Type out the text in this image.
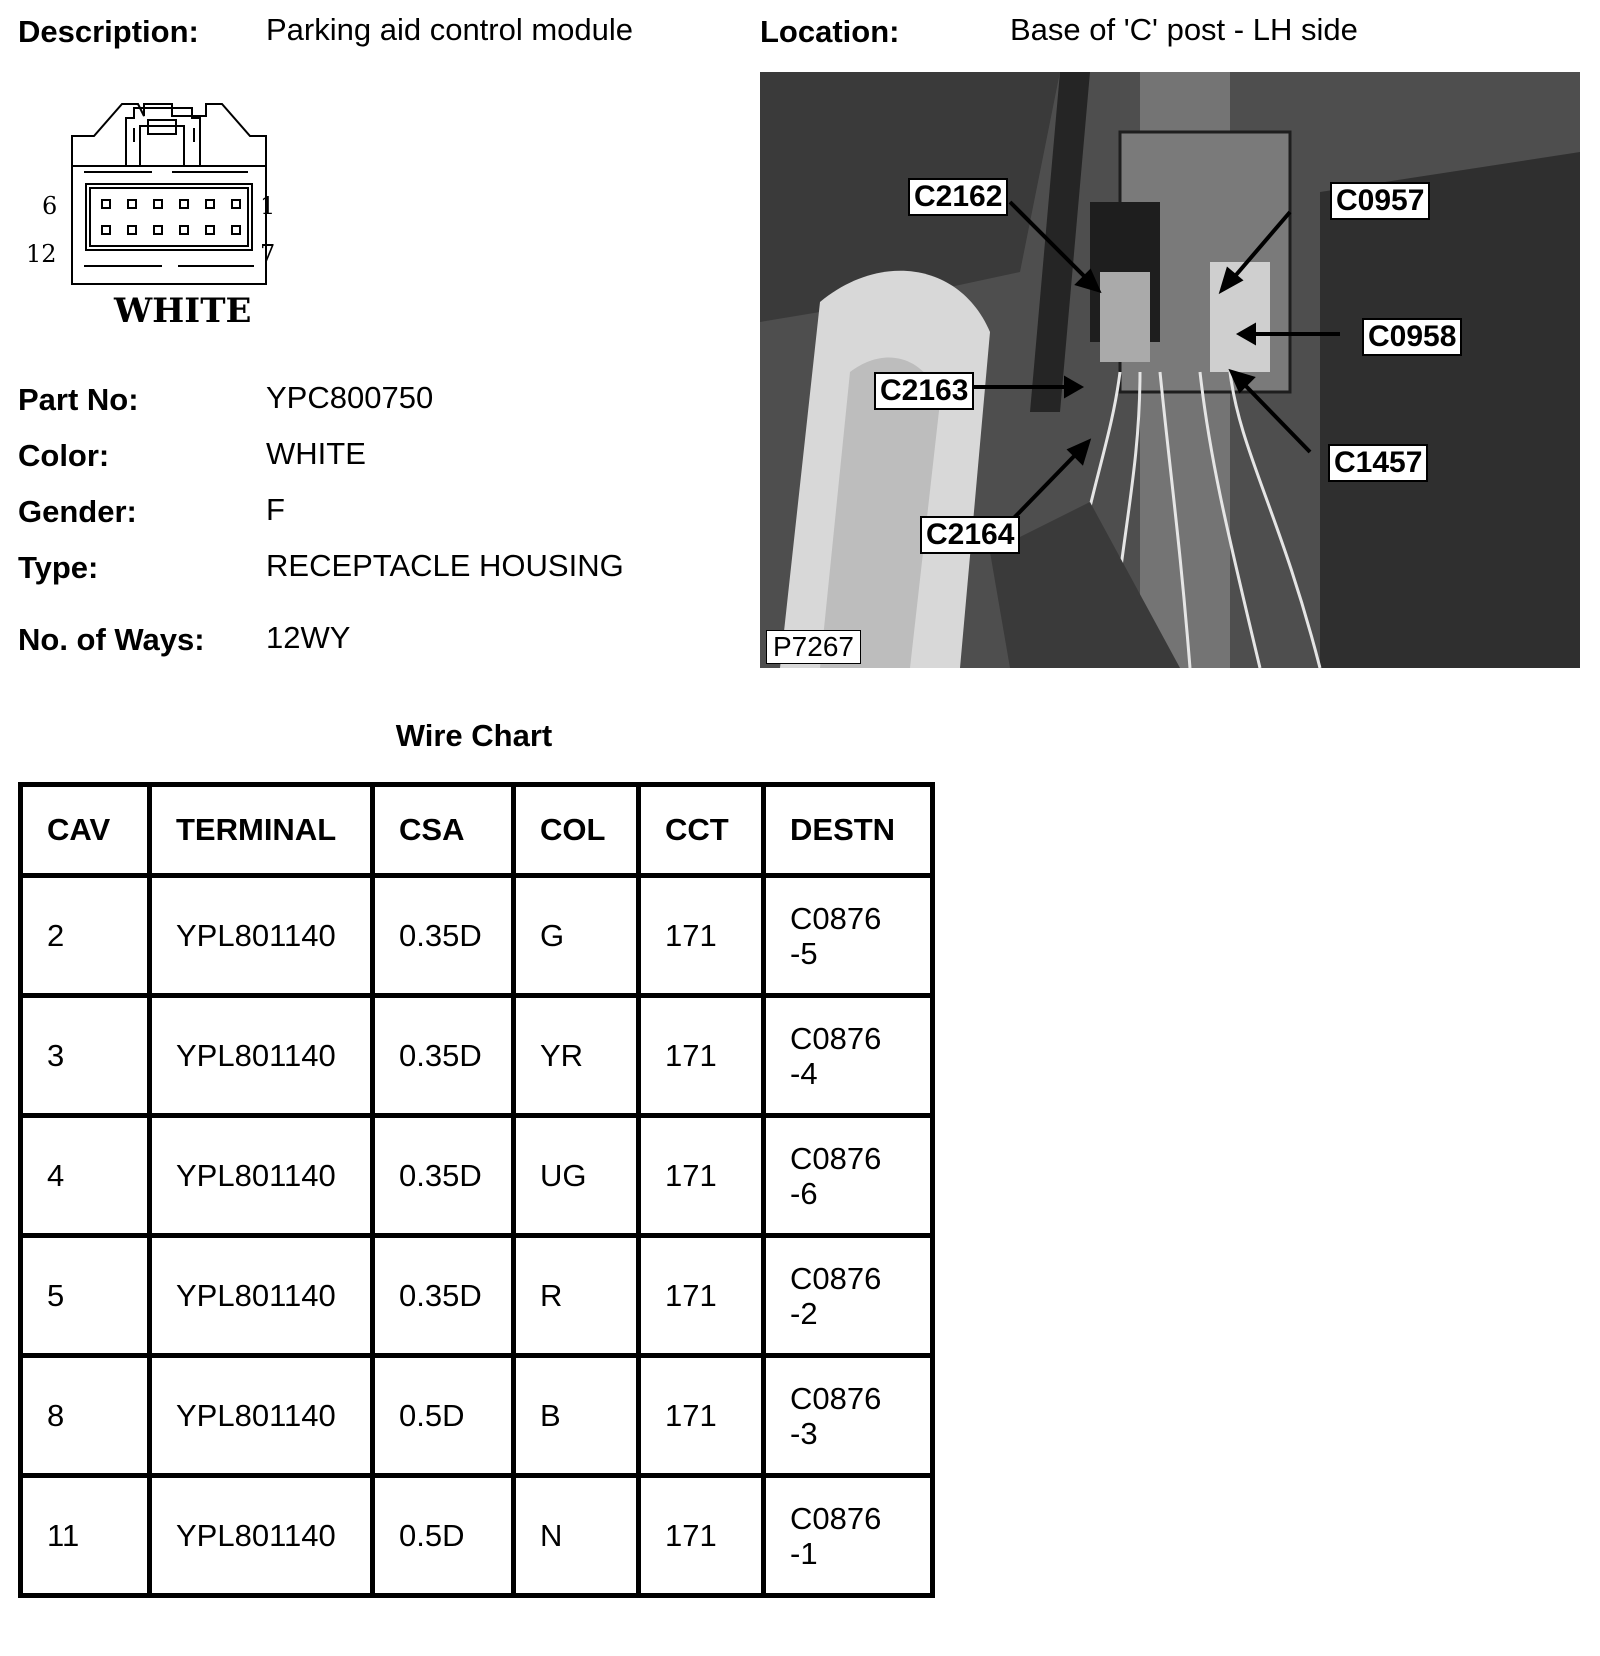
Description: Parking aid control module	Location:	Base of 'C' post - LH side
6	1
12	7
WHITE
Part No:	YPC800750
Color:	WHITE
Gender:	F
Type:	RECEPTACLE HOUSING
No. of Ways: 12WY
C2162	C0957
C0958
C2163
C1457
C2164
P7267
Wire Chart
CAV	TERMINAL	CSA	COL	CCT	DESTN
2	YPL801140	0.35D	G	171	C0876-5

3	YPL801140	0.35D	YR	171	C0876-4

4	YPL801140	0.35D	UG	171	C0876-6

5	YPL801140	0.35D	R	171	C0876-2

8	YPL801140	0.5D	B	171	C0876-3

11	YPL801140	0.5D	N	171	C0876-1
